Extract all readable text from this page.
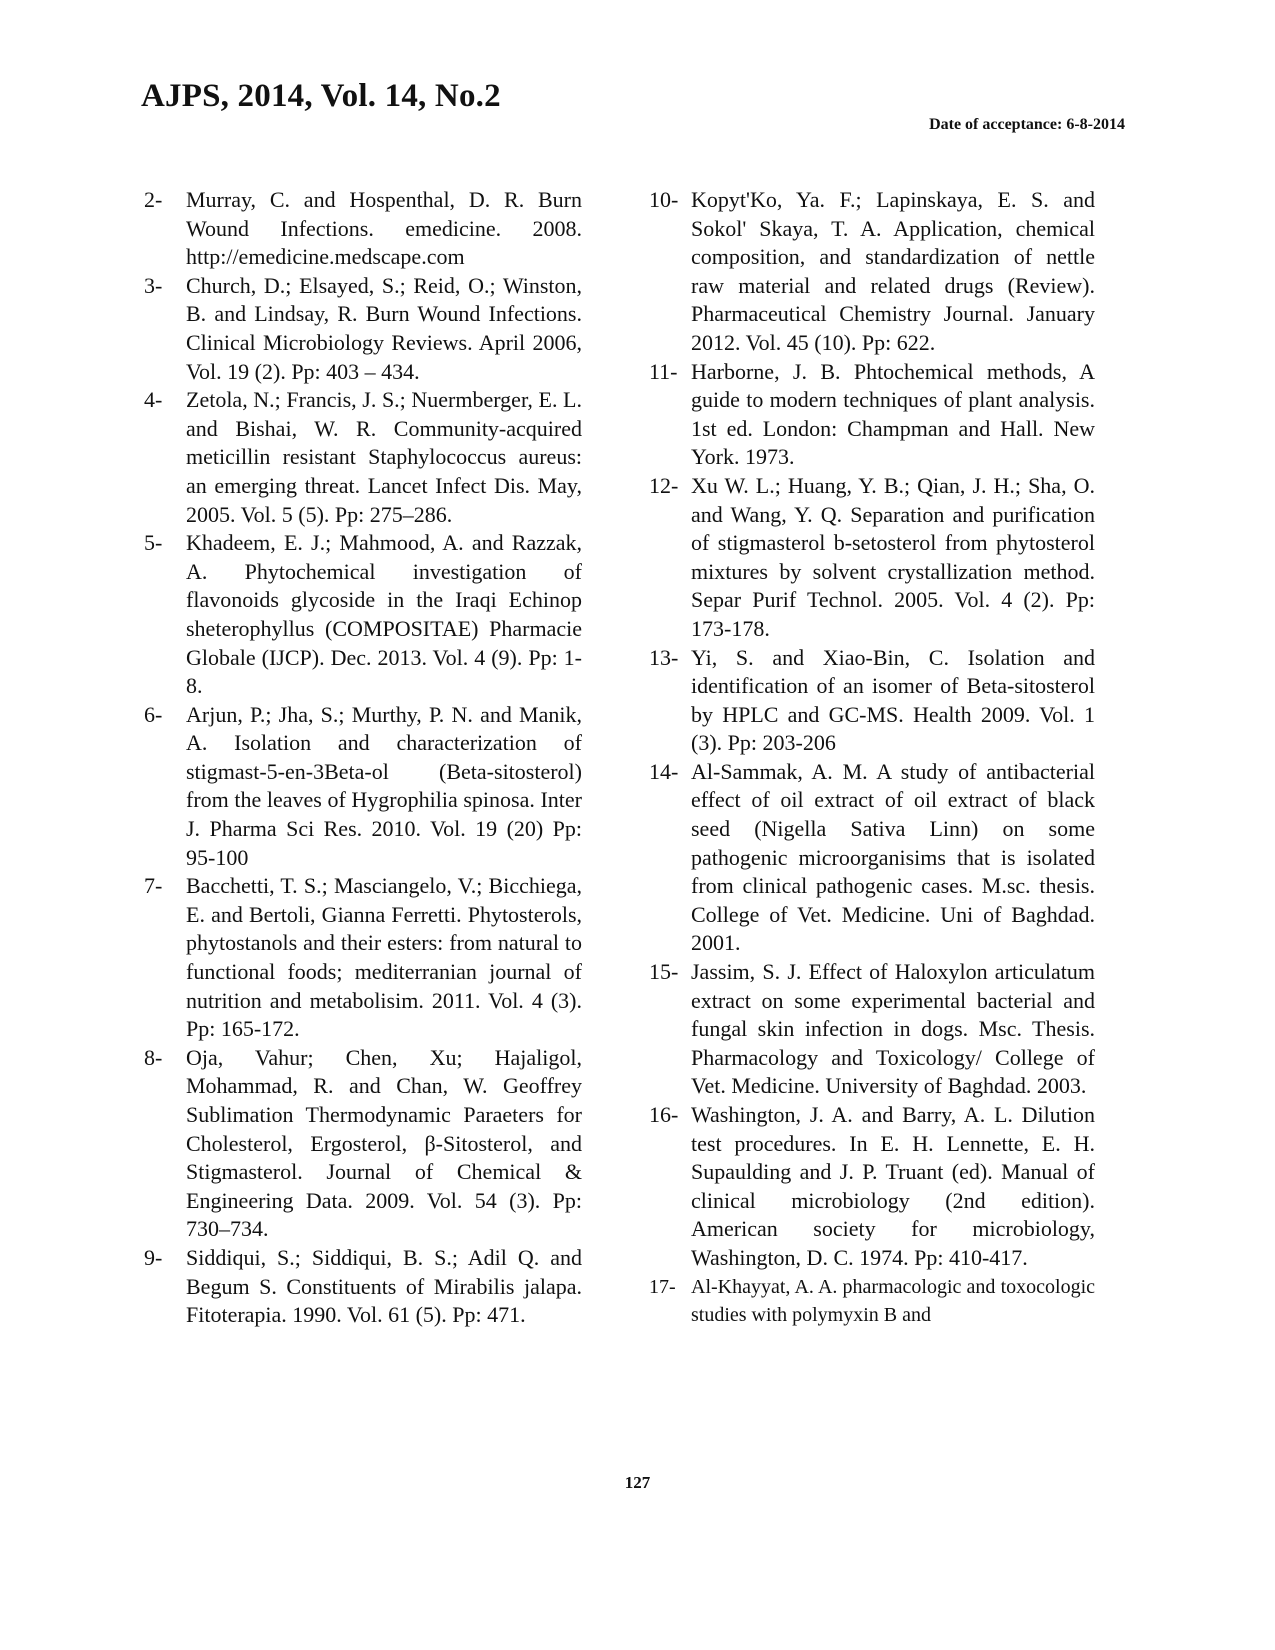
AJPS, 2014, Vol. 14, No.2
Date of acceptance: 6-8-2014
2-	Murray, C. and Hospenthal, D. R. Burn Wound Infections. emedicine. 2008. http://emedicine.medscape.com
3-	Church, D.; Elsayed, S.; Reid, O.; Winston, B. and Lindsay, R. Burn Wound Infections. Clinical Microbiology Reviews. April 2006, Vol. 19 (2). Pp: 403 – 434.
4-	Zetola, N.; Francis, J. S.; Nuermberger, E. L. and Bishai, W. R. Community-acquired meticillin resistant Staphylococcus aureus: an emerging threat. Lancet Infect Dis. May, 2005. Vol. 5 (5). Pp: 275–286.
5-	Khadeem, E. J.; Mahmood, A. and Razzak, A. Phytochemical investigation of flavonoids glycoside in the Iraqi Echinop sheterophyllus (COMPOSITAE) Pharmacie Globale (IJCP). Dec. 2013. Vol. 4 (9). Pp: 1-8.
6-	Arjun, P.; Jha, S.; Murthy, P. N. and Manik, A. Isolation and characterization of stigmast-5-en-3Beta-ol (Beta-sitosterol) from the leaves of Hygrophilia spinosa. Inter J. Pharma Sci Res. 2010. Vol. 19 (20) Pp: 95-100
7-	Bacchetti, T. S.; Masciangelo, V.; Bicchiega, E. and Bertoli, Gianna Ferretti. Phytosterols, phytostanols and their esters: from natural to functional foods; mediterranian journal of nutrition and metabolisim. 2011. Vol. 4 (3). Pp: 165-172.
8-	Oja, Vahur; Chen, Xu; Hajaligol, Mohammad, R. and Chan, W. Geoffrey Sublimation Thermodynamic Paraeters for Cholesterol, Ergosterol, β-Sitosterol, and Stigmasterol. Journal of Chemical & Engineering Data. 2009. Vol. 54 (3). Pp: 730–734.
9-	Siddiqui, S.; Siddiqui, B. S.; Adil Q. and Begum S. Constituents of Mirabilis jalapa. Fitoterapia. 1990. Vol. 61 (5). Pp: 471.
10- Kopyt'Ko, Ya. F.; Lapinskaya, E. S. and Sokol' Skaya, T. A. Application, chemical composition, and standardization of nettle raw material and related drugs (Review). Pharmaceutical Chemistry Journal. January 2012. Vol. 45 (10). Pp: 622.
11- Harborne, J. B. Phtochemical methods, A guide to modern techniques of plant analysis. 1st ed. London: Champman and Hall. New York. 1973.
12- Xu W. L.; Huang, Y. B.; Qian, J. H.; Sha, O. and Wang, Y. Q. Separation and purification of stigmasterol b-setosterol from phytosterol mixtures by solvent crystallization method. Separ Purif Technol. 2005. Vol. 4 (2). Pp: 173-178.
13- Yi, S. and Xiao-Bin, C. Isolation and identification of an isomer of Beta-sitosterol by HPLC and GC-MS. Health 2009. Vol. 1 (3). Pp: 203-206
14- Al-Sammak, A. M. A study of antibacterial effect of oil extract of oil extract of black seed (Nigella Sativa Linn) on some pathogenic microorganisims that is isolated from clinical pathogenic cases. M.sc. thesis. College of Vet. Medicine. Uni of Baghdad. 2001.
15- Jassim, S. J. Effect of Haloxylon articulatum extract on some experimental bacterial and fungal skin infection in dogs. Msc. Thesis. Pharmacology and Toxicology/ College of Vet. Medicine. University of Baghdad. 2003.
16- Washington, J. A. and Barry, A. L. Dilution test procedures. In E. H. Lennette, E. H. Supaulding and J. P. Truant (ed). Manual of clinical microbiology (2nd edition). American society for microbiology, Washington, D. C. 1974. Pp: 410-417.
17- Al-Khayyat, A. A. pharmacologic and toxocologic studies with polymyxin B and
127
